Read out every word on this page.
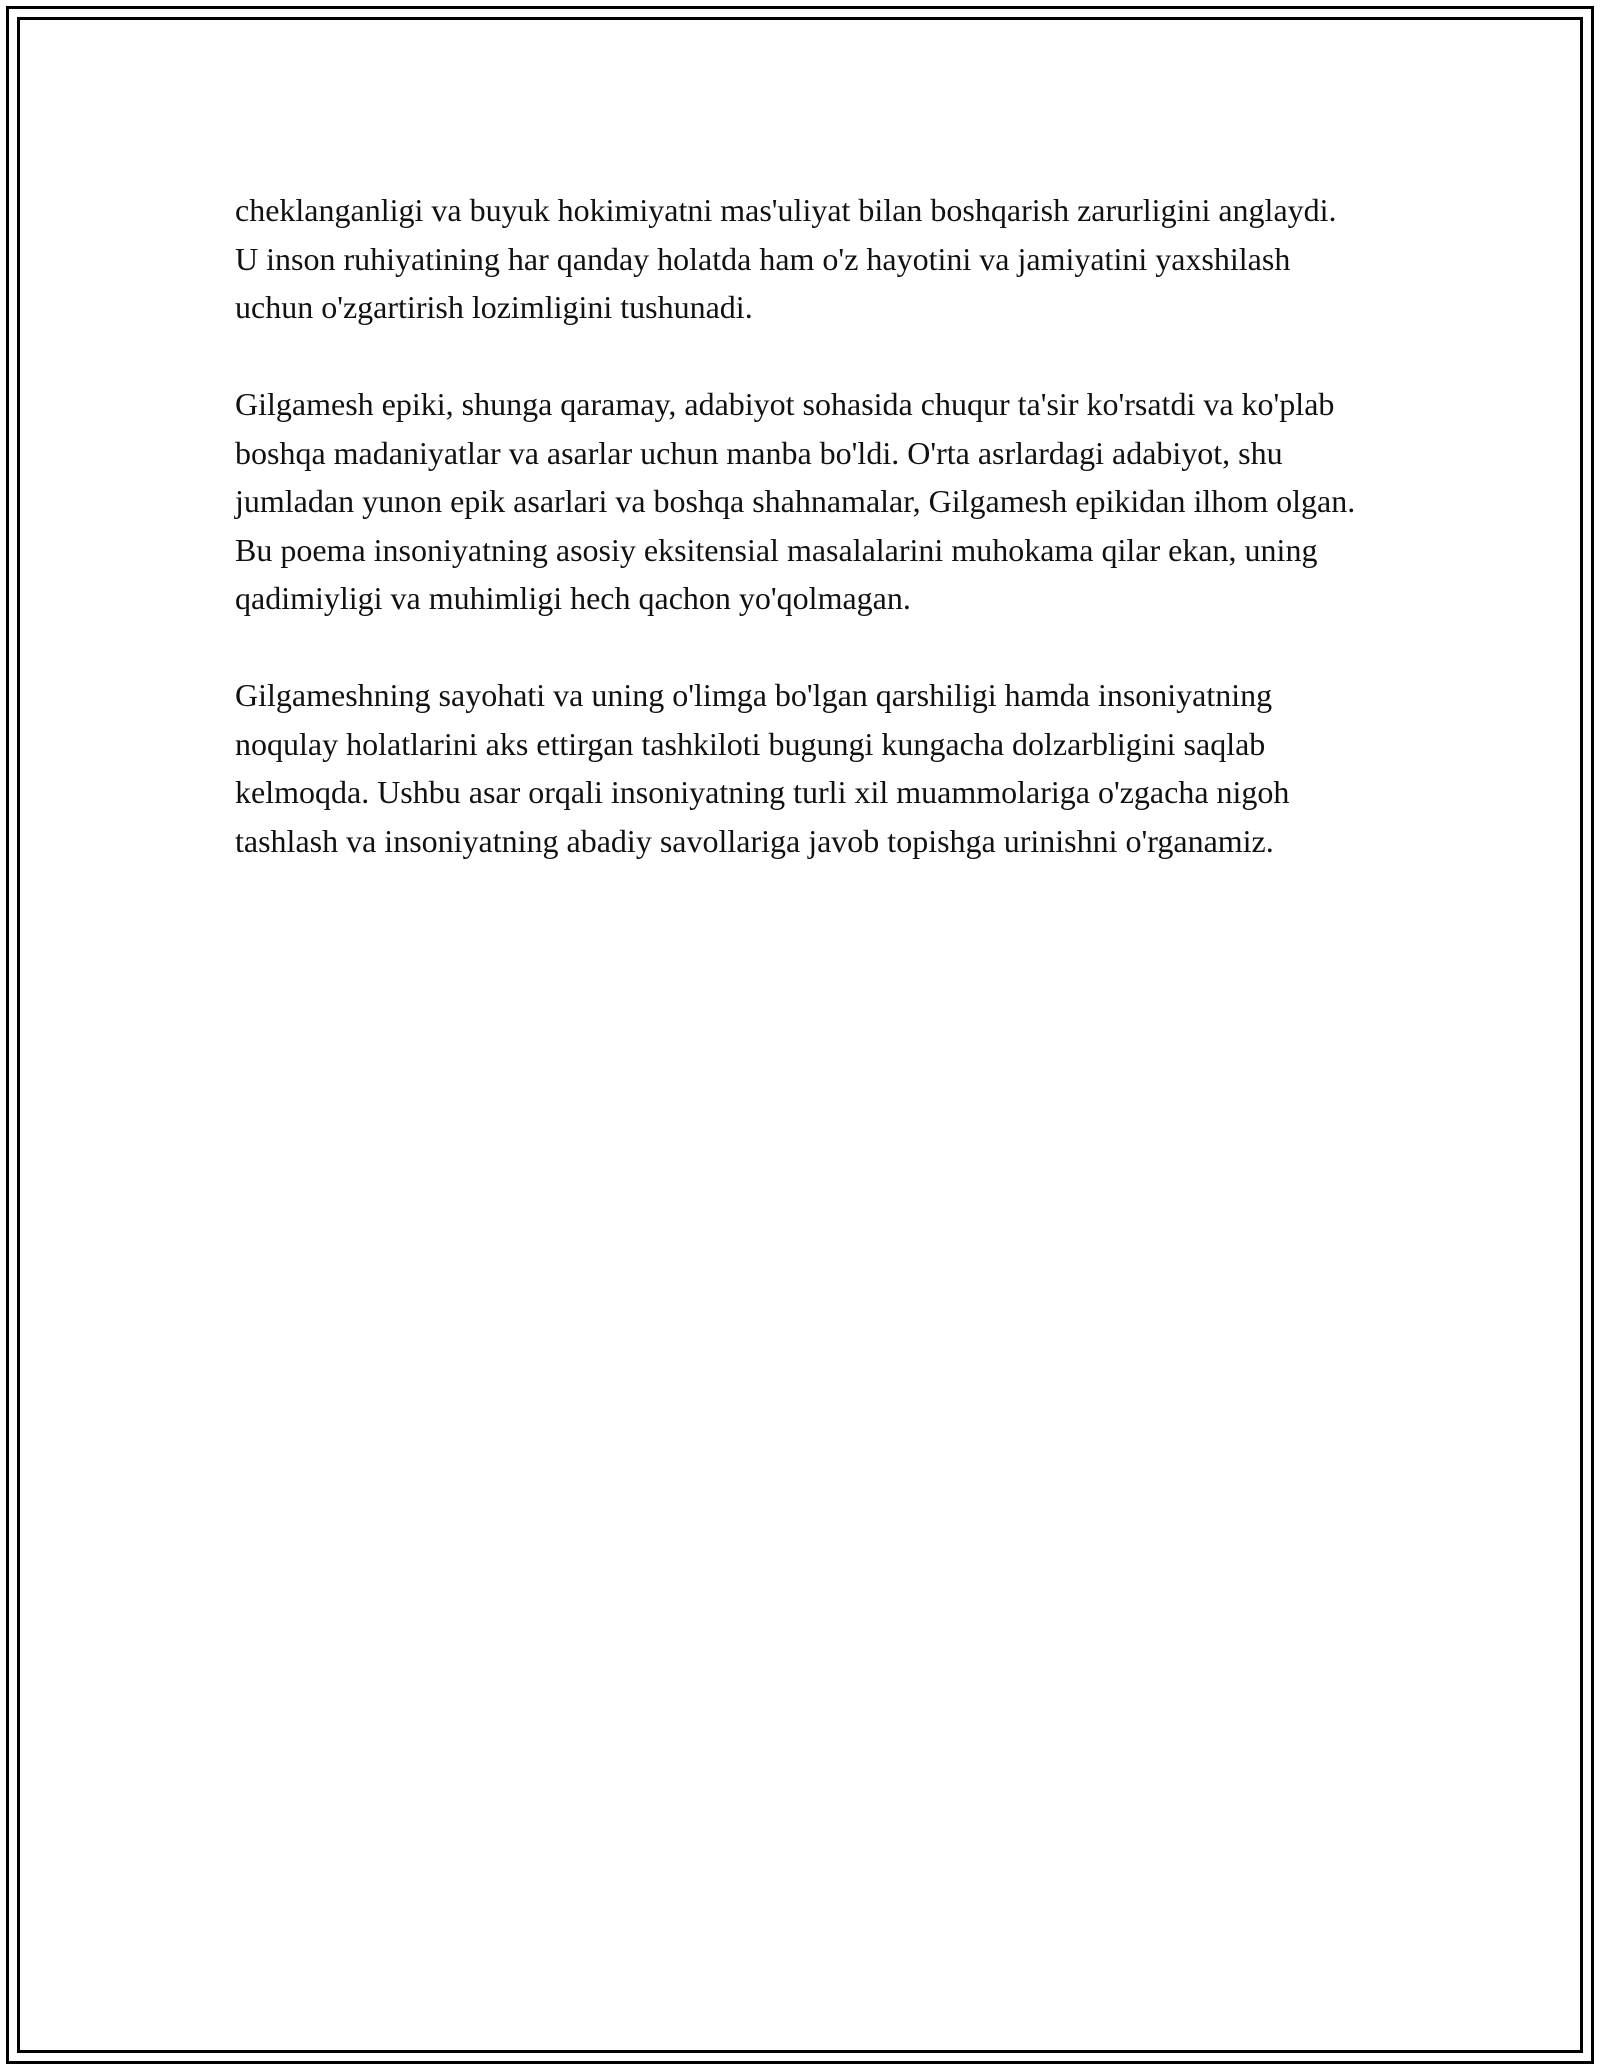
cheklanganligi va buyuk hokimiyatni mas'uliyat bilan boshqarish zarurligini anglaydi. U inson ruhiyatining har qanday holatda ham o'z hayotini va jamiyatini yaxshilash uchun o'zgartirish lozimligini tushunadi.

Gilgamesh epiki, shunga qaramay, adabiyot sohasida chuqur ta'sir ko'rsatdi va ko'plab boshqa madaniyatlar va asarlar uchun manba bo'ldi. O'rta asrlardagi adabiyot, shu jumladan yunon epik asarlari va boshqa shahnamalar, Gilgamesh epikidan ilhom olgan. Bu poema insoniyatning asosiy eksitensial masalalarini muhokama qilar ekan, uning qadimiyligi va muhimligi hech qachon yo'qolmagan.

Gilgameshning sayohati va uning o'limga bo'lgan qarshiligi hamda insoniyatning noqulay holatlarini aks ettirgan tashkiloti bugungi kungacha dolzarbligini saqlab kelmoqda. Ushbu asar orqali insoniyatning turli xil muammolariga o'zgacha nigoh tashlash va insoniyatning abadiy savollariga javob topishga urinishni o'rganamiz.
